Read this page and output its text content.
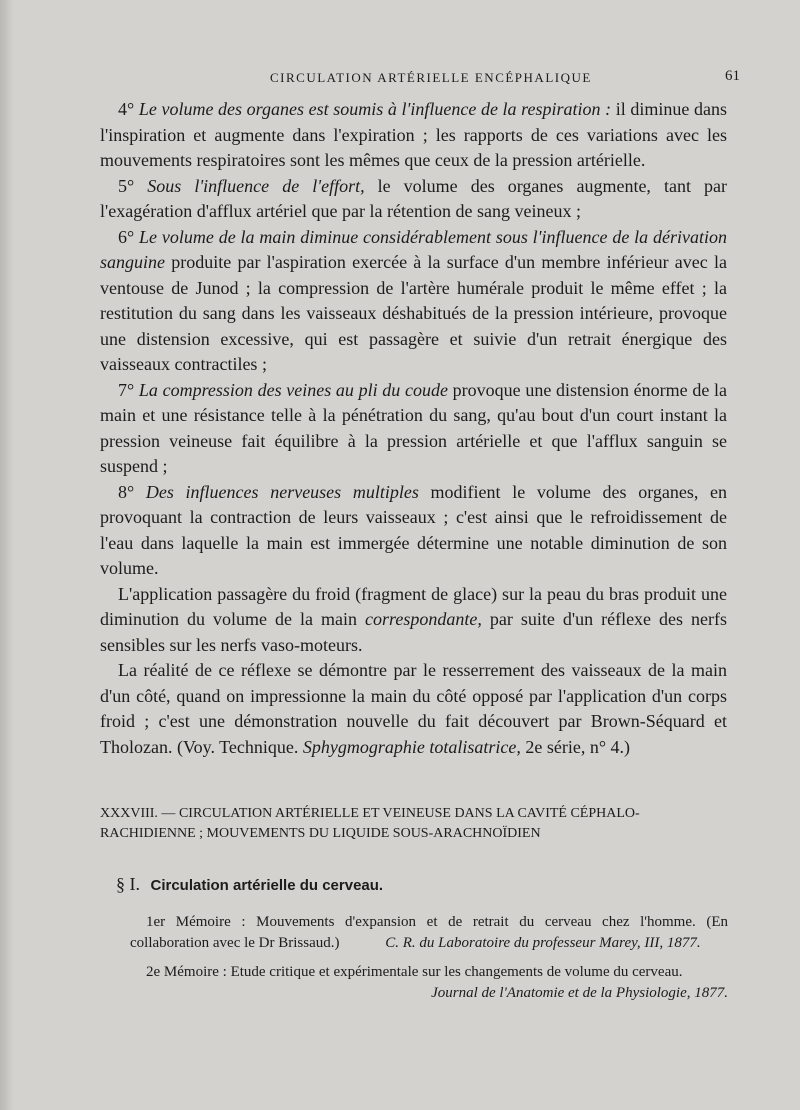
CIRCULATION ARTÉRIELLE ENCÉPHALIQUE	61

4° Le volume des organes est soumis à l'influence de la respiration : il diminue dans l'inspiration et augmente dans l'expiration ; les rapports de ces variations avec les mouvements respiratoires sont les mêmes que ceux de la pression artérielle.

5° Sous l'influence de l'effort, le volume des organes augmente, tant par l'exagération d'afflux artériel que par la rétention de sang veineux ;

6° Le volume de la main diminue considérablement sous l'influence de la dérivation sanguine produite par l'aspiration exercée à la surface d'un membre inférieur avec la ventouse de Junod ; la compression de l'artère humérale produit le même effet ; la restitution du sang dans les vaisseaux déshabitués de la pression intérieure, provoque une distension excessive, qui est passagère et suivie d'un retrait énergique des vaisseaux contractiles ;

7° La compression des veines au pli du coude provoque une distension énorme de la main et une résistance telle à la pénétration du sang, qu'au bout d'un court instant la pression veineuse fait équilibre à la pression artérielle et que l'afflux sanguin se suspend ;

8° Des influences nerveuses multiples modifient le volume des organes, en provoquant la contraction de leurs vaisseaux ; c'est ainsi que le refroidissement de l'eau dans laquelle la main est immergée détermine une notable diminution de son volume.

L'application passagère du froid (fragment de glace) sur la peau du bras produit une diminution du volume de la main correspondante, par suite d'un réflexe des nerfs sensibles sur les nerfs vaso-moteurs.

La réalité de ce réflexe se démontre par le resserrement des vaisseaux de la main d'un côté, quand on impressionne la main du côté opposé par l'application d'un corps froid ; c'est une démonstration nouvelle du fait découvert par Brown-Séquard et Tholozan. (Voy. Technique. Sphygmographie totalisatrice, 2e série, n° 4.)

XXXVIII. — CIRCULATION ARTÉRIELLE ET VEINEUSE DANS LA CAVITÉ CÉPHALO-RACHIDIENNE ; MOUVEMENTS DU LIQUIDE SOUS-ARACHNOÏDIEN
§ I. Circulation artérielle du cerveau.

1er Mémoire : Mouvements d'expansion et de retrait du cerveau chez l'homme. (En collaboration avec le Dr Brissaud.)	C. R. du Laboratoire du professeur Marey, III, 1877.

2e Mémoire : Etude critique et expérimentale sur les changements de volume du cerveau.

Journal de l'Anatomie et de la Physiologie, 1877.
